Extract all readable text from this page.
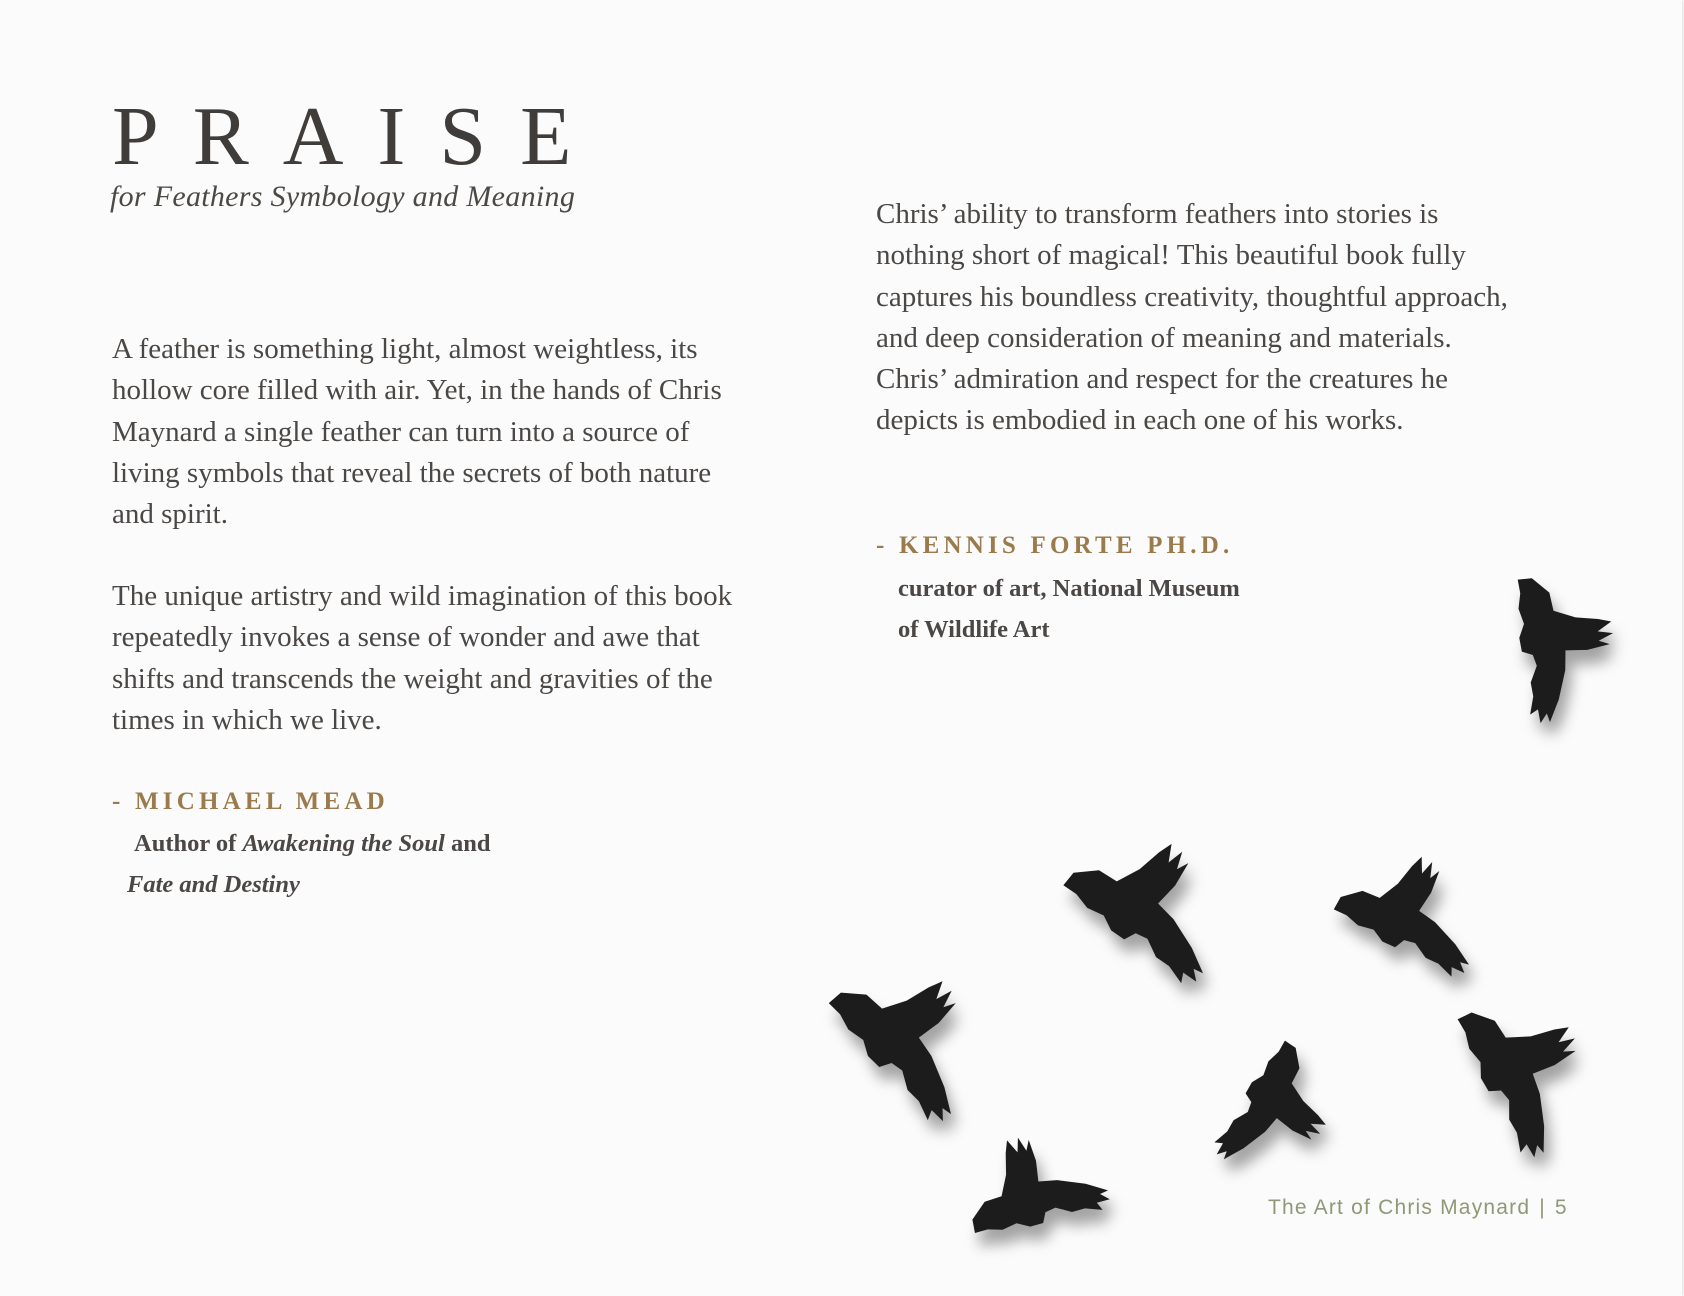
PRAISE
for Feathers Symbology and Meaning

A feather is something light, almost weightless, its hollow core filled with air. Yet, in the hands of Chris Maynard a single feather can turn into a source of living symbols that reveal the secrets of both nature and spirit.

The unique artistry and wild imagination of this book repeatedly invokes a sense of wonder and awe that shifts and transcends the weight and gravities of the times in which we live.

- MICHAEL MEAD
Author of Awakening the Soul and
Fate and Destiny

Chris’ ability to transform feathers into stories is nothing short of magical! This beautiful book fully captures his boundless creativity, thoughtful approach, and deep consideration of meaning and materials. Chris’ admiration and respect for the creatures he depicts is embodied in each one of his works.

- KENNIS FORTE PH.D.
curator of art, National Museum
of Wildlife Art
The Art of Chris Maynard | 5
